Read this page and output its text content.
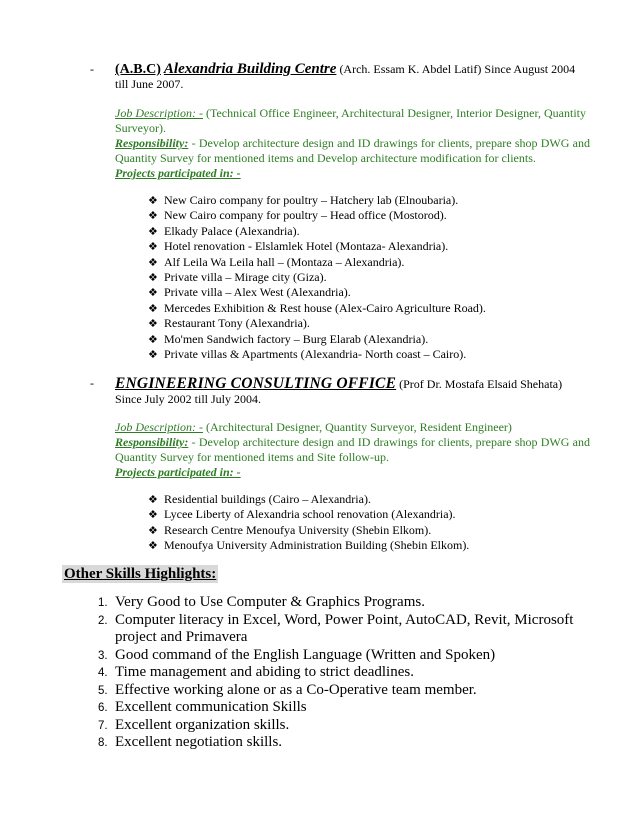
- (A.B.C) Alexandria Building Centre (Arch. Essam K. Abdel Latif) Since August 2004 till June 2007.
Job Description: - (Technical Office Engineer, Architectural Designer, Interior Designer, Quantity Surveyor).
Responsibility: - Develop architecture design and ID drawings for clients, prepare shop DWG and Quantity Survey for mentioned items and Develop architecture modification for clients.
Projects participated in: -
❖ New Cairo company for poultry – Hatchery lab (Elnoubaria).
❖ New Cairo company for poultry – Head office (Mostorod).
❖ Elkady Palace (Alexandria).
❖ Hotel renovation - Elslamlek Hotel (Montaza- Alexandria).
❖ Alf Leila Wa Leila hall – (Montaza – Alexandria).
❖ Private villa – Mirage city (Giza).
❖ Private villa – Alex West (Alexandria).
❖ Mercedes Exhibition & Rest house (Alex-Cairo Agriculture Road).
❖ Restaurant Tony (Alexandria).
❖ Mo'men Sandwich factory – Burg Elarab (Alexandria).
❖ Private villas & Apartments (Alexandria- North coast – Cairo).
- ENGINEERING CONSULTING OFFICE (Prof Dr. Mostafa Elsaid Shehata) Since July 2002 till July 2004.
Job Description: - (Architectural Designer, Quantity Surveyor, Resident Engineer)
Responsibility: - Develop architecture design and ID drawings for clients, prepare shop DWG and Quantity Survey for mentioned items and Site follow-up.
Projects participated in: -
❖ Residential buildings (Cairo – Alexandria).
❖ Lycee Liberty of Alexandria school renovation (Alexandria).
❖ Research Centre Menoufya University (Shebin Elkom).
❖ Menoufya University Administration Building (Shebin Elkom).
Other Skills Highlights:
1. Very Good to Use Computer & Graphics Programs.
2. Computer literacy in Excel, Word, Power Point, AutoCAD, Revit, Microsoft project and Primavera
3. Good command of the English Language (Written and Spoken)
4. Time management and abiding to strict deadlines.
5. Effective working alone or as a Co-Operative team member.
6. Excellent communication Skills
7. Excellent organization skills.
8. Excellent negotiation skills.
